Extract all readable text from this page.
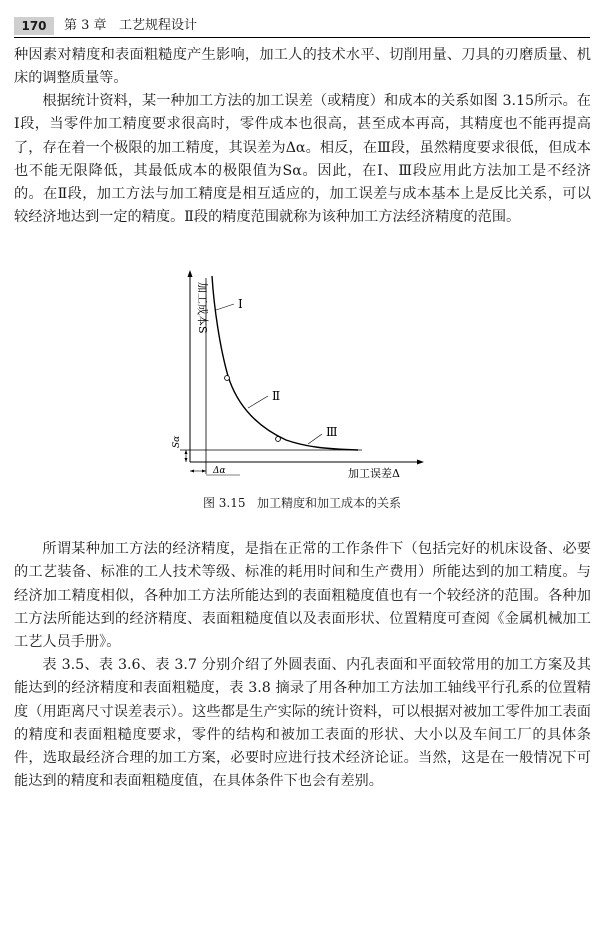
170	第 3 章 工艺规程设计

种因素对精度和表面粗糙度产生影响，加工人的技术水平、切削用量、刀具的刃磨质量、机床的调整质量等。

根据统计资料，某一种加工方法的加工误差（或精度）和成本的关系如图 3.15所示。在Ⅰ段，当零件加工精度要求很高时，零件成本也很高，甚至成本再高，其精度也不能再提高了，存在着一个极限的加工精度，其误差为Δα。相反，在Ⅲ段，虽然精度要求很低，但成本也不能无限降低，其最低成本的极限值为Sα。因此，在Ⅰ、Ⅲ段应用此方法加工是不经济的。在Ⅱ段，加工方法与加工精度是相互适应的，加工误差与成本基本上是反比关系，可以较经济地达到一定的精度。Ⅱ段的精度范围就称为该种加工方法经济精度的范围。

加工成本S
加工误差Δ
Ⅰ
Ⅱ
Ⅲ
Sα
Δα
图 3.15 加工精度和加工成本的关系

所谓某种加工方法的经济精度，是指在正常的工作条件下（包括完好的机床设备、必要的工艺装备、标准的工人技术等级、标准的耗用时间和生产费用）所能达到的加工精度。与经济加工精度相似，各种加工方法所能达到的表面粗糙度值也有一个较经济的范围。各种加工方法所能达到的经济精度、表面粗糙度值以及表面形状、位置精度可查阅《金属机械加工工艺人员手册》。

表 3.5、表 3.6、表 3.7 分别介绍了外圆表面、内孔表面和平面较常用的加工方案及其能达到的经济精度和表面粗糙度，表 3.8 摘录了用各种加工方法加工轴线平行孔系的位置精度（用距离尺寸误差表示）。这些都是生产实际的统计资料，可以根据对被加工零件加工表面的精度和表面粗糙度要求，零件的结构和被加工表面的形状、大小以及车间工厂的具体条件，选取最经济合理的加工方案，必要时应进行技术经济论证。当然，这是在一般情况下可能达到的精度和表面粗糙度值，在具体条件下也会有差别。
